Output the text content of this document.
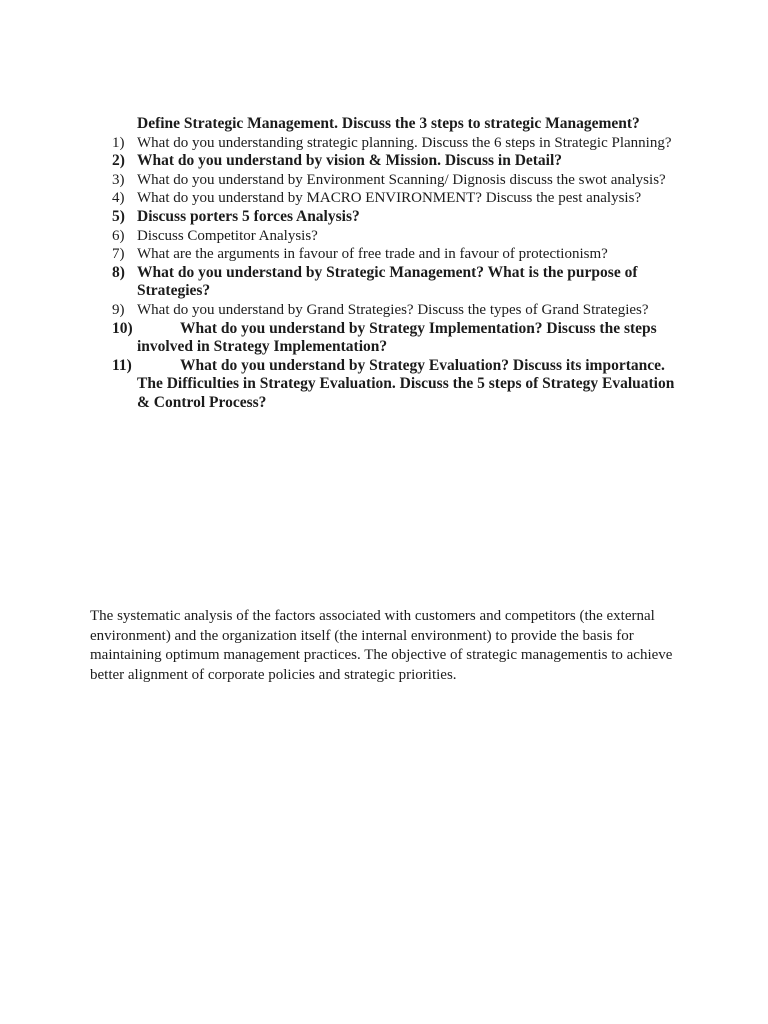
Define Strategic Management. Discuss the 3 steps to strategic Management?
1) What do you understanding strategic planning. Discuss the 6 steps in Strategic Planning?
2) What do you understand by vision & Mission. Discuss in Detail?
3) What do you understand by Environment Scanning/ Dignosis discuss the swot analysis?
4) What do you understand by MACRO ENVIRONMENT? Discuss the pest analysis?
5) Discuss porters 5 forces Analysis?
6) Discuss Competitor Analysis?
7) What are the arguments in favour of free trade and in favour of protectionism?
8) What do you understand by Strategic Management? What is the purpose of Strategies?
9) What do you understand by Grand Strategies? Discuss the types of Grand Strategies?
10)	What do you understand by Strategy Implementation? Discuss the steps involved in Strategy Implementation?
11)	What do you understand by Strategy Evaluation? Discuss its importance. The Difficulties in Strategy Evaluation. Discuss the 5 steps of Strategy Evaluation & Control Process?

The systematic analysis of the factors associated with customers and competitors (the external environment) and the organization itself (the internal environment) to provide the basis for maintaining optimum management practices. The objective of strategic managementis to achieve better alignment of corporate policies and strategic priorities.
